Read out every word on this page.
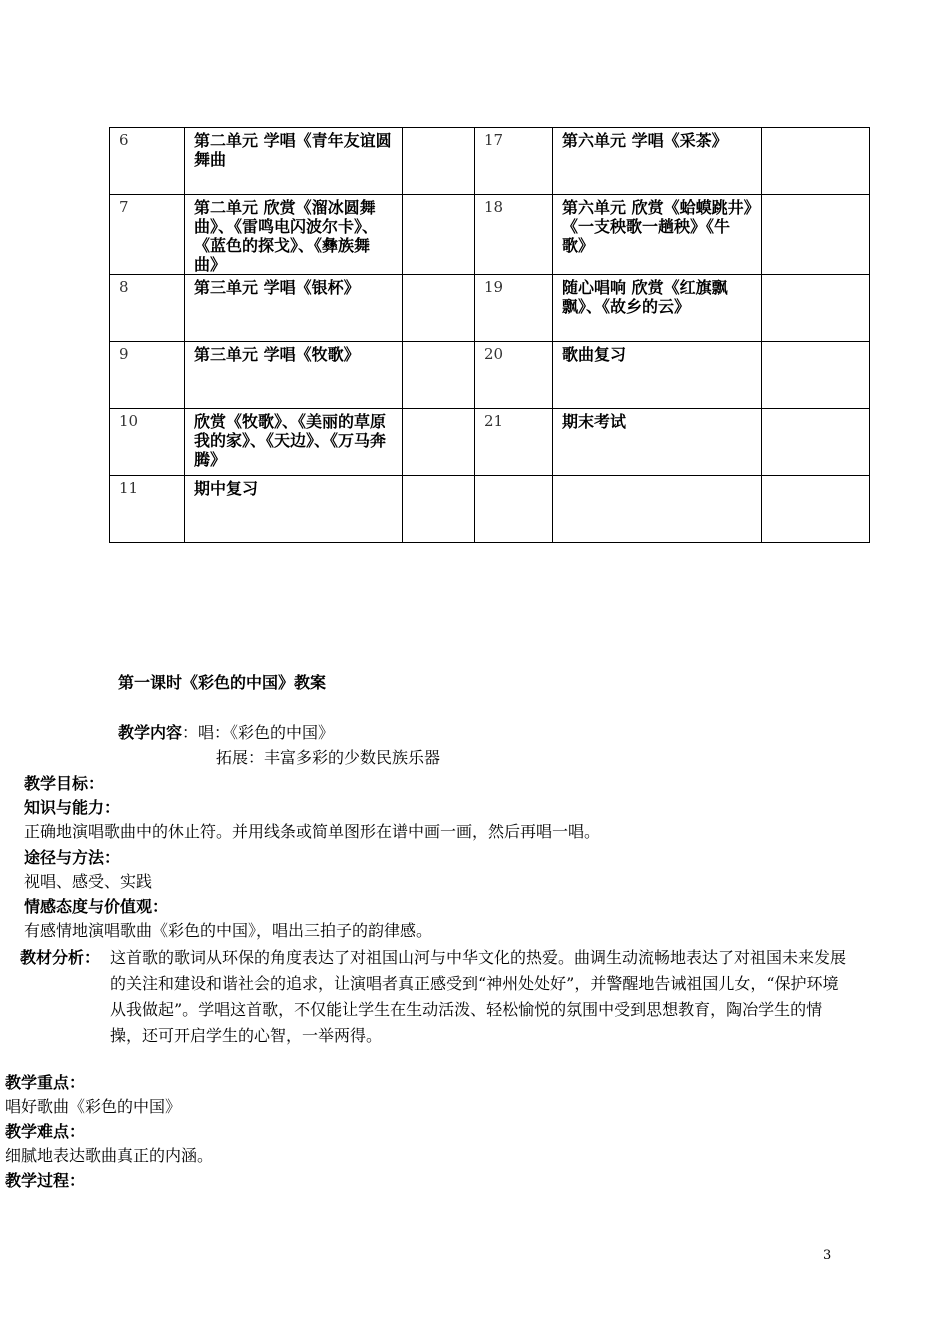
6	第二单元 学唱《青年友谊圆舞曲		17	第六单元 学唱《采茶》	
7	第二单元 欣赏《溜冰圆舞曲》、《雷鸣电闪波尔卡》、《蓝色的探戈》、《彝族舞曲》		18	第六单元 欣赏《蛤蟆跳井》《一支秧歌一趟秧》《牛歌》	
8	第三单元 学唱《银杯》		19	随心唱响 欣赏《红旗飘飘》、《故乡的云》	
9	第三单元 学唱《牧歌》		20	歌曲复习	
10	欣赏《牧歌》、《美丽的草原我的家》、《天边》、《万马奔腾》		21	期末考试	
11	期中复习				
第一课时《彩色的中国》教案
教学内容：唱：《彩色的中国》
拓展：丰富多彩的少数民族乐器
教学目标：
知识与能力：
正确地演唱歌曲中的休止符。并用线条或简单图形在谱中画一画，然后再唱一唱。
途径与方法：
视唱、感受、实践
情感态度与价值观：
有感情地演唱歌曲《彩色的中国》，唱出三拍子的韵律感。
教材分析： 这首歌的歌词从环保的角度表达了对祖国山河与中华文化的热爱。曲调生动流畅地表达了对祖国未来发展的关注和建设和谐社会的追求，让演唱者真正感受到“神州处处好”，并警醒地告诫祖国儿女，“保护环境从我做起”。学唱这首歌，不仅能让学生在生动活泼、轻松愉悦的氛围中受到思想教育，陶冶学生的情操，还可开启学生的心智，一举两得。
教学重点：
唱好歌曲《彩色的中国》
教学难点：
细腻地表达歌曲真正的内涵。
教学过程：
3
